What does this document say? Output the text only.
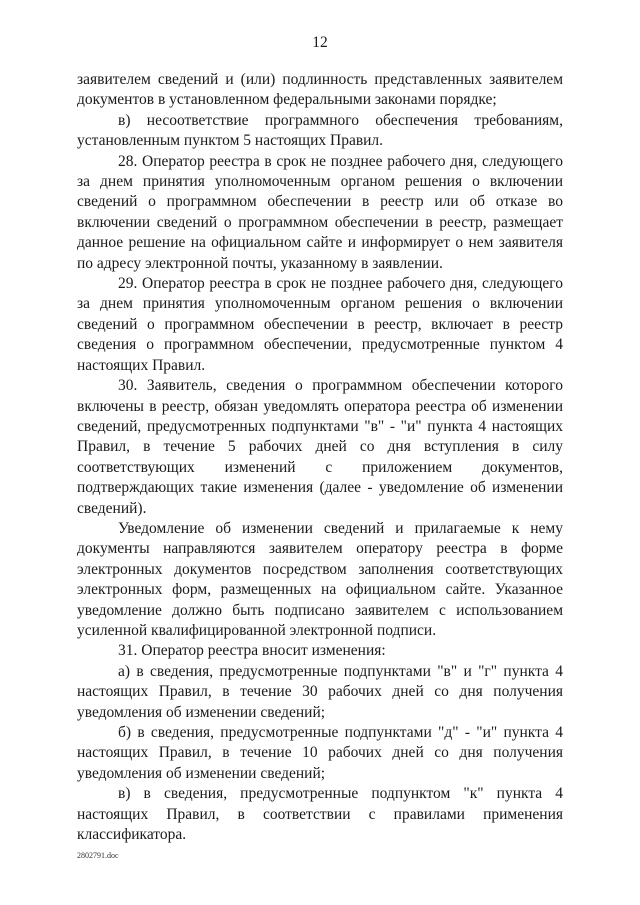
12

заявителем сведений и (или) подлинность представленных заявителем документов в установленном федеральными законами порядке;

в) несоответствие программного обеспечения требованиям, установленным пунктом 5 настоящих Правил.

28. Оператор реестра в срок не позднее рабочего дня, следующего за днем принятия уполномоченным органом решения о включении сведений о программном обеспечении в реестр или об отказе во включении сведений о программном обеспечении в реестр, размещает данное решение на официальном сайте и информирует о нем заявителя по адресу электронной почты, указанному в заявлении.

29. Оператор реестра в срок не позднее рабочего дня, следующего за днем принятия уполномоченным органом решения о включении сведений о программном обеспечении в реестр, включает в реестр сведения о программном обеспечении, предусмотренные пунктом 4 настоящих Правил.

30. Заявитель, сведения о программном обеспечении которого включены в реестр, обязан уведомлять оператора реестра об изменении сведений, предусмотренных подпунктами "в" - "и" пункта 4 настоящих Правил, в течение 5 рабочих дней со дня вступления в силу соответствующих изменений с приложением документов, подтверждающих такие изменения (далее - уведомление об изменении сведений).

Уведомление об изменении сведений и прилагаемые к нему документы направляются заявителем оператору реестра в форме электронных документов посредством заполнения соответствующих электронных форм, размещенных на официальном сайте. Указанное уведомление должно быть подписано заявителем с использованием усиленной квалифицированной электронной подписи.

31. Оператор реестра вносит изменения:

а) в сведения, предусмотренные подпунктами "в" и "г" пункта 4 настоящих Правил, в течение 30 рабочих дней со дня получения уведомления об изменении сведений;

б) в сведения, предусмотренные подпунктами "д" - "и" пункта 4 настоящих Правил, в течение 10 рабочих дней со дня получения уведомления об изменении сведений;

в) в сведения, предусмотренные подпунктом "к" пункта 4 настоящих Правил, в соответствии с правилами применения классификатора.

2802791.doc
